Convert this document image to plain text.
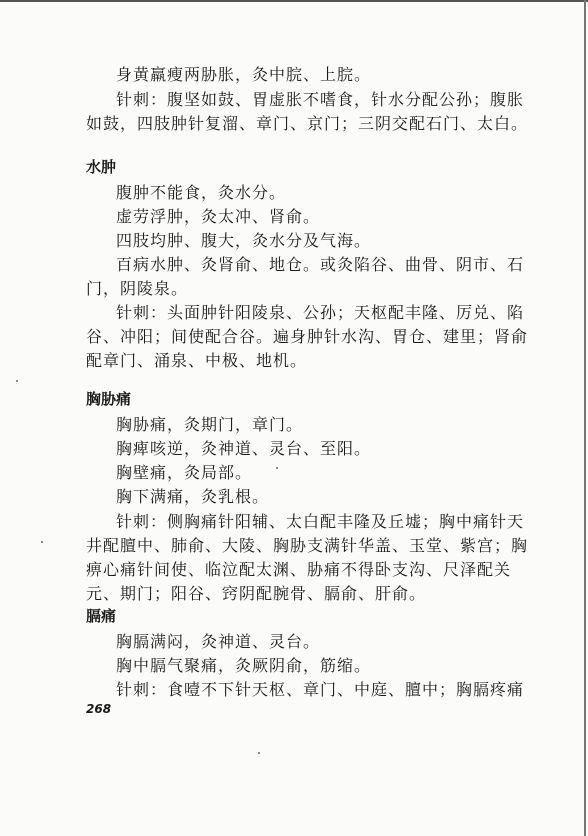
身黄羸瘦两胁胀，灸中脘、上脘。
针刺：腹坚如鼓、胃虚胀不嗜食，针水分配公孙；腹胀
如鼓，四肢肿针复溜、章门、京门；三阴交配石门、太白。
水肿
腹肿不能食，灸水分。
虚劳浮肿，灸太冲、肾俞。
四肢均肿、腹大，灸水分及气海。
百病水肿、灸肾俞、地仓。或灸陷谷、曲骨、阴市、石
门，阴陵泉。
针刺：头面肿针阳陵泉、公孙；天枢配丰隆、厉兑、陷
谷、冲阳；间使配合谷。遍身肿针水沟、胃仓、建里；肾俞
配章门、涌泉、中极、地机。
胸胁痛
胸胁痛，灸期门，章门。
胸痺咳逆，灸神道、灵台、至阳。
胸壁痛，灸局部。
胸下满痛，灸乳根。
针刺：侧胸痛针阳辅、太白配丰隆及丘墟；胸中痛针天
井配膻中、肺俞、大陵、胸胁支满针华盖、玉堂、紫宫；胸
痹心痛针间使、临泣配太渊、胁痛不得卧支沟、尺泽配关
元、期门；阳谷、窍阴配腕骨、膈俞、肝俞。
膈痛
胸膈满闷，灸神道、灵台。
胸中膈气聚痛，灸厥阴俞，筋缩。
针刺：食噎不下针天枢、章门、中庭、膻中；胸膈疼痛
268
